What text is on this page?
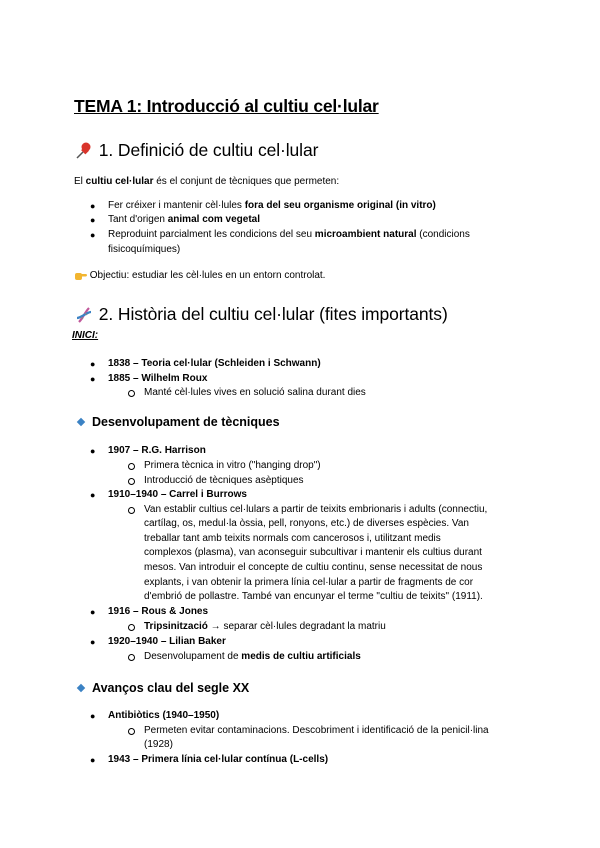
TEMA 1: Introducció al cultiu cel·lular
1. Definició de cultiu cel·lular
El cultiu cel·lular és el conjunt de tècniques que permeten:
● Fer créixer i mantenir cèl·lules fora del seu organisme original (in vitro)
● Tant d'origen animal com vegetal
● Reproduint parcialment les condicions del seu microambient natural (condicions
fisicoquímiques)
Objectiu: estudiar les cèl·lules en un entorn controlat.
2. Història del cultiu cel·lular (fites importants)
INICI:
● 1838 – Teoria cel·lular (Schleiden i Schwann)
● 1885 – Wilhelm Roux
Manté cèl·lules vives en solució salina durant dies
Desenvolupament de tècniques
● 1907 – R.G. Harrison
Primera tècnica in vitro ("hanging drop")
Introducció de tècniques asèptiques
● 1910–1940 – Carrel i Burrows
Van establir cultius cel·lulars a partir de teixits embrionaris i adults (connectiu,
cartílag, os, medul·la òssia, pell, ronyons, etc.) de diverses espècies. Van
treballar tant amb teixits normals com cancerosos i, utilitzant medis
complexos (plasma), van aconseguir subcultivar i mantenir els cultius durant
mesos. Van introduir el concepte de cultiu continu, sense necessitat de nous
explants, i van obtenir la primera línia cel·lular a partir de fragments de cor
d'embrió de pollastre. També van encunyar el terme "cultiu de teixits" (1911).
● 1916 – Rous & Jones
Tripsinització → separar cèl·lules degradant la matriu
● 1920–1940 – Lilian Baker
Desenvolupament de medis de cultiu artificials
Avanços clau del segle XX
● Antibiòtics (1940–1950)
Permeten evitar contaminacions. Descobriment i identificació de la penicil·lina
(1928)
● 1943 – Primera línia cel·lular contínua (L-cells)
